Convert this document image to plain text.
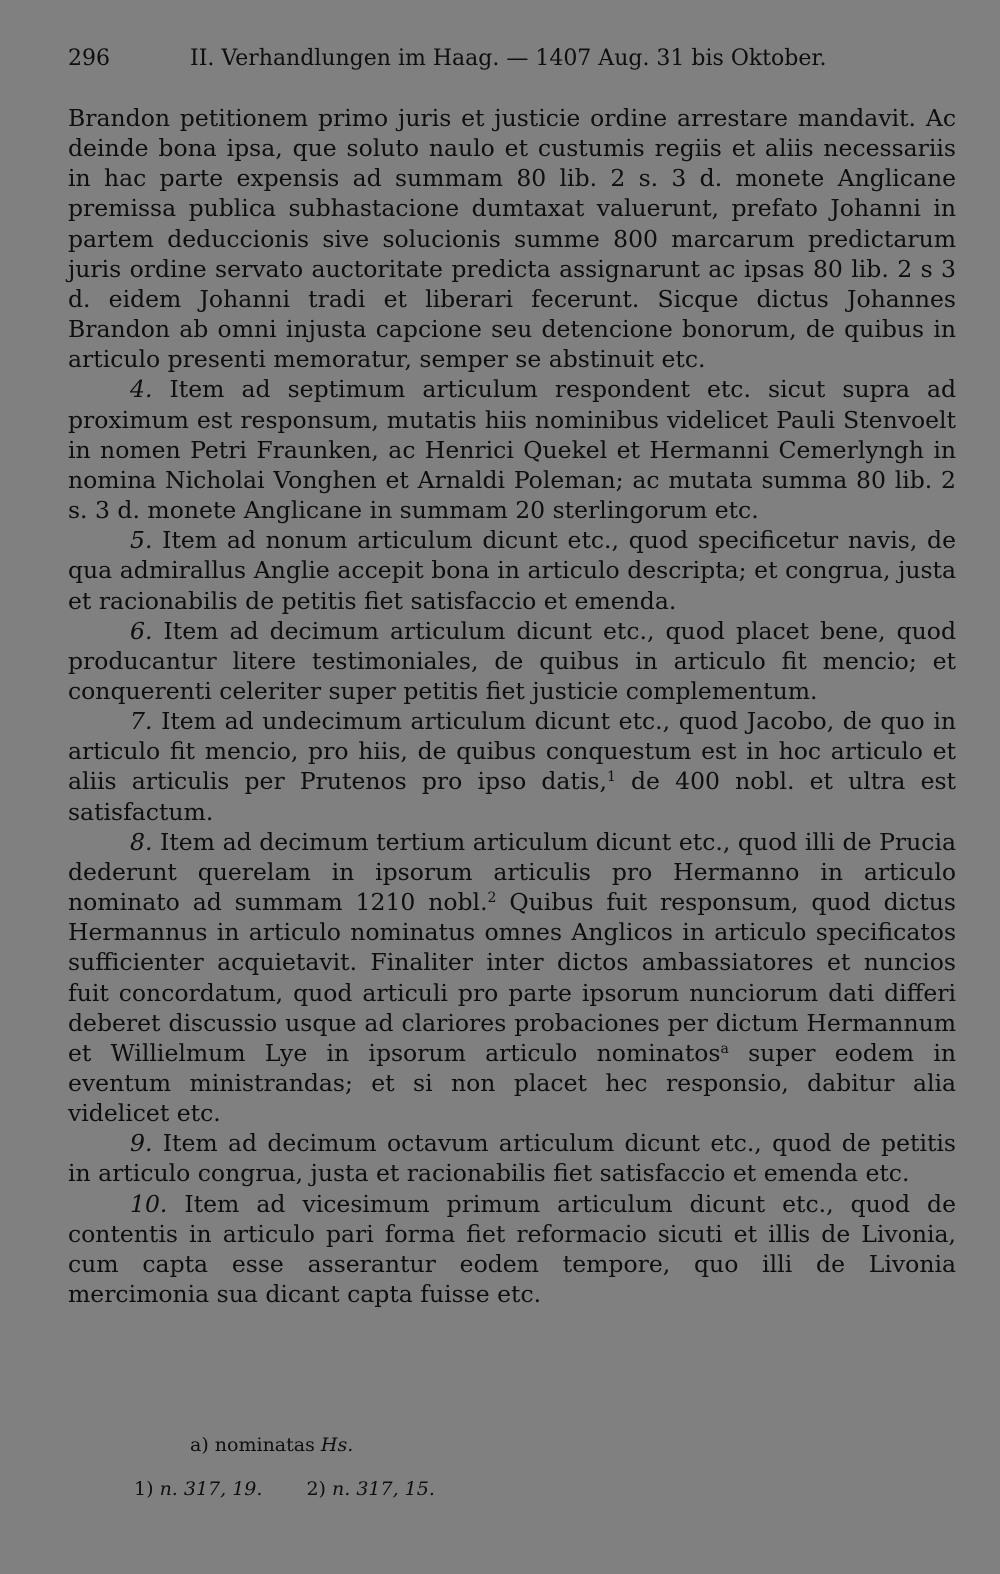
296	II. Verhandlungen im Haag. — 1407 Aug. 31 bis Oktober.

Brandon petitionem primo juris et justicie ordine arrestare mandavit. Ac deinde bona ipsa, que soluto naulo et custumis regiis et aliis necessariis in hac parte expensis ad summam 80 lib. 2 s. 3 d. monete Anglicane premissa publica subhastacione dumtaxat valuerunt, prefato Johanni in partem deduccionis sive solucionis summe 800 marcarum predictarum juris ordine servato auctoritate predicta assignarunt ac ipsas 80 lib. 2 s 3 d. eidem Johanni tradi et liberari fecerunt. Sicque dictus Johannes Brandon ab omni injusta capcione seu detencione bonorum, de quibus in articulo presenti memoratur, semper se abstinuit etc.

4. Item ad septimum articulum respondent etc. sicut supra ad proximum est responsum, mutatis hiis nominibus videlicet Pauli Stenvoelt in nomen Petri Fraunken, ac Henrici Quekel et Hermanni Cemerlyngh in nomina Nicholai Vonghen et Arnaldi Poleman; ac mutata summa 80 lib. 2 s. 3 d. monete Anglicane in summam 20 sterlingorum etc.

5. Item ad nonum articulum dicunt etc., quod specificetur navis, de qua admirallus Anglie accepit bona in articulo descripta; et congrua, justa et racionabilis de petitis fiet satisfaccio et emenda.

6. Item ad decimum articulum dicunt etc., quod placet bene, quod producantur litere testimoniales, de quibus in articulo fit mencio; et conquerenti celeriter super petitis fiet justicie complementum.

7. Item ad undecimum articulum dicunt etc., quod Jacobo, de quo in articulo fit mencio, pro hiis, de quibus conquestum est in hoc articulo et aliis articulis per Prutenos pro ipso datis,$^1$ de 400 nobl. et ultra est satisfactum.

8. Item ad decimum tertium articulum dicunt etc., quod illi de Prucia dederunt querelam in ipsorum articulis pro Hermanno in articulo nominato ad summam 1210 nobl.$^2$ Quibus fuit responsum, quod dictus Hermannus in articulo nominatus omnes Anglicos in articulo specificatos sufficienter acquietavit. Finaliter inter dictos ambassiatores et nuncios fuit concordatum, quod articuli pro parte ipsorum nunciorum dati differi deberet discussio usque ad clariores probaciones per dictum Hermannum et Willielmum Lye in ipsorum articulo nominatos$^a$ super eodem in eventum ministrandas; et si non placet hec responsio, dabitur alia videlicet etc.

9. Item ad decimum octavum articulum dicunt etc., quod de petitis in articulo congrua, justa et racionabilis fiet satisfaccio et emenda etc.

10. Item ad vicesimum primum articulum dicunt etc., quod de contentis in articulo pari forma fiet reformacio sicuti et illis de Livonia, cum capta esse asserantur eodem tempore, quo illi de Livonia mercimonia sua dicant capta fuisse etc.

a) nominatas Hs.
1) n. 317, 19. 2) n. 317, 15.
